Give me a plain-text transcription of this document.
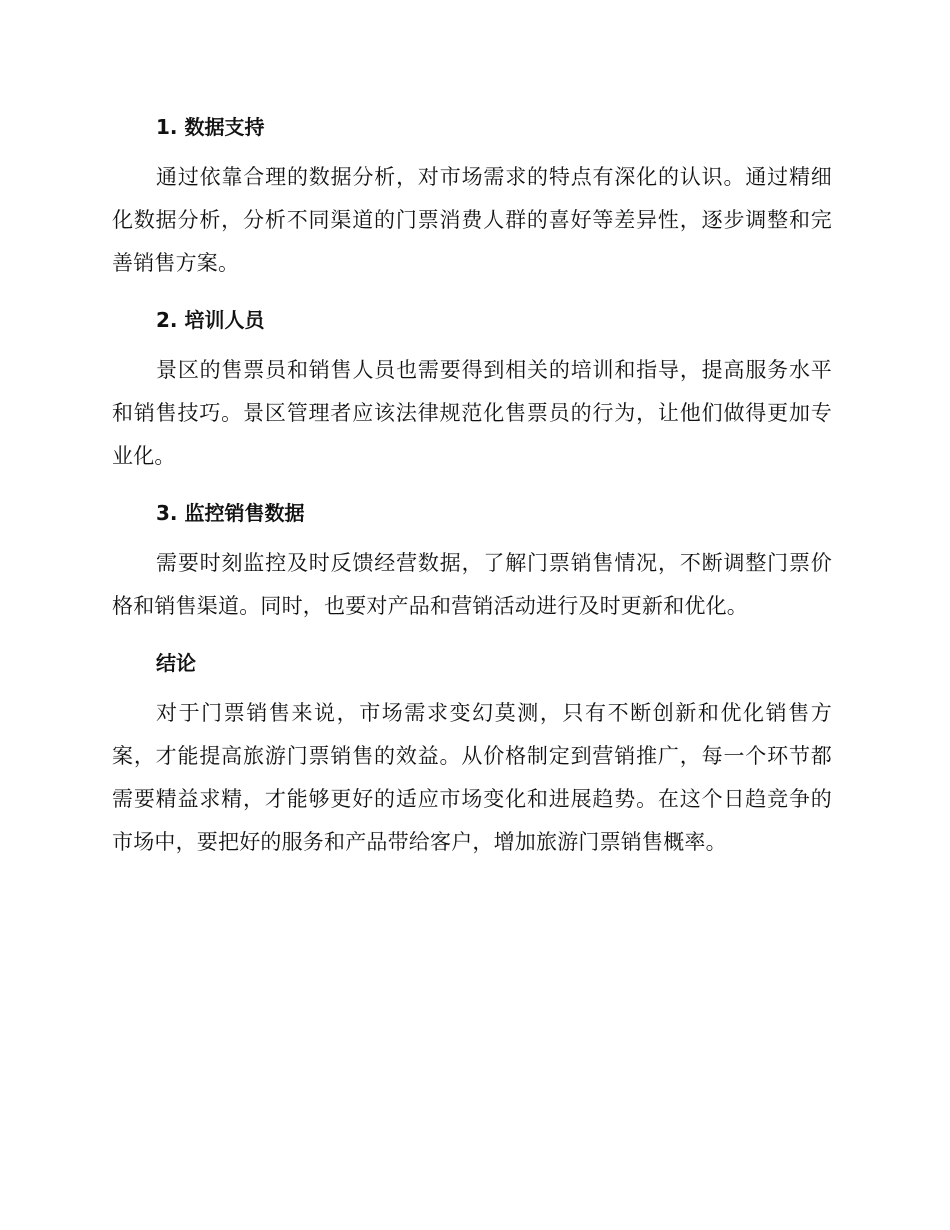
1. 数据支持

通过依靠合理的数据分析，对市场需求的特点有深化的认识。通过精细化数据分析，分析不同渠道的门票消费人群的喜好等差异性，逐步调整和完善销售方案。

2. 培训人员

景区的售票员和销售人员也需要得到相关的培训和指导，提高服务水平和销售技巧。景区管理者应该法律规范化售票员的行为，让他们做得更加专业化。

3. 监控销售数据

需要时刻监控及时反馈经营数据，了解门票销售情况，不断调整门票价格和销售渠道。同时，也要对产品和营销活动进行及时更新和优化。

结论

对于门票销售来说，市场需求变幻莫测，只有不断创新和优化销售方案，才能提高旅游门票销售的效益。从价格制定到营销推广，每一个环节都需要精益求精，才能够更好的适应市场变化和进展趋势。在这个日趋竞争的市场中，要把好的服务和产品带给客户，增加旅游门票销售概率。
